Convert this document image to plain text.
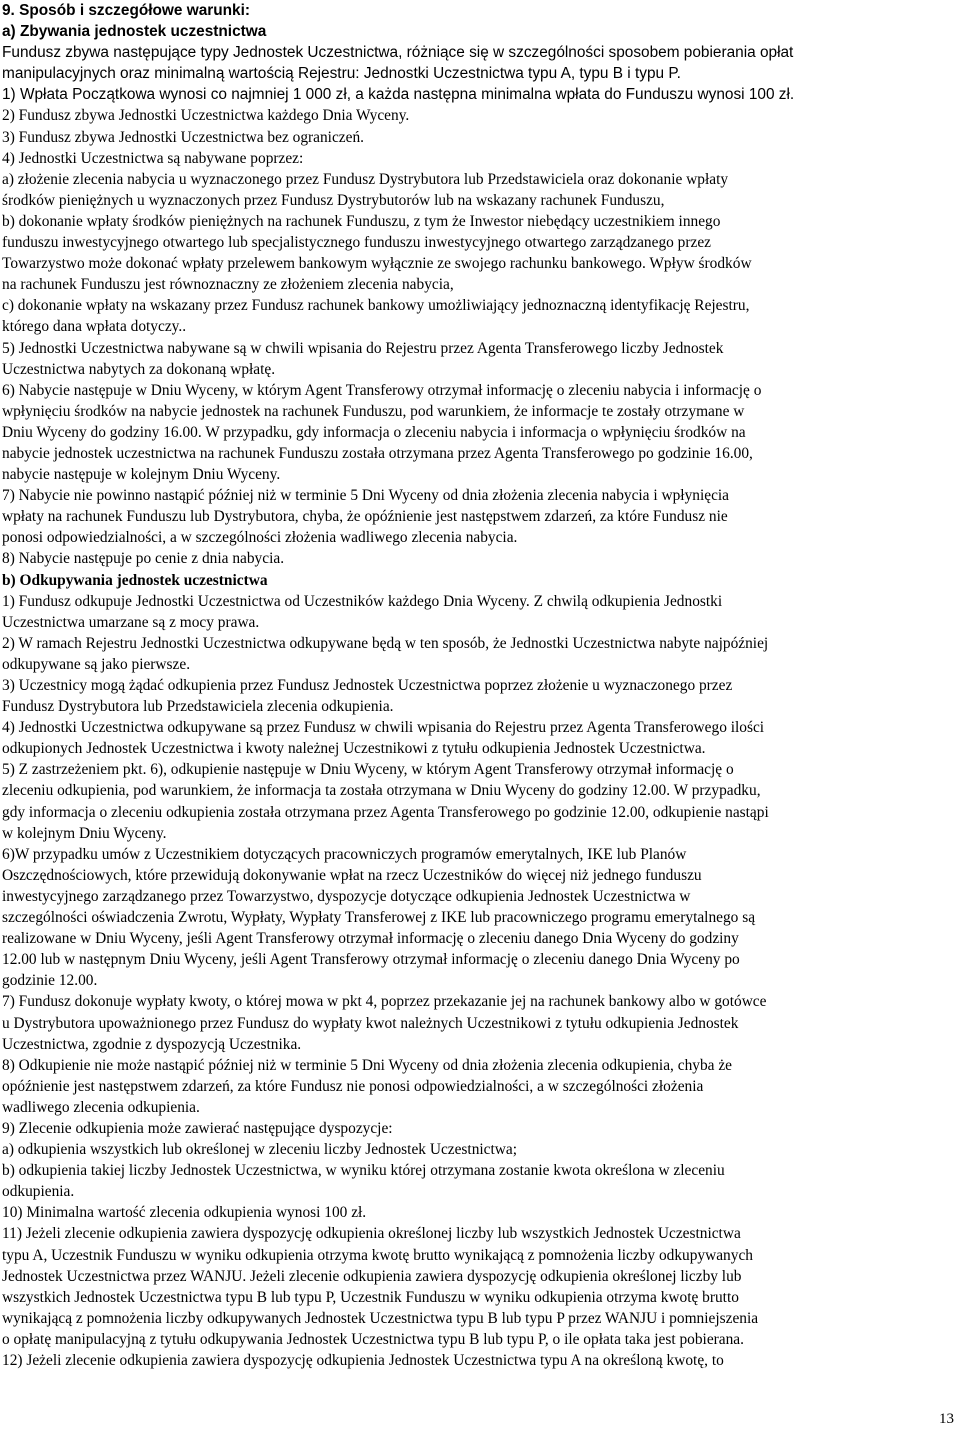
9. Sposób i szczegółowe warunki:
a) Zbywania jednostek uczestnictwa
Fundusz zbywa następujące typy Jednostek Uczestnictwa, różniące się w szczególności sposobem pobierania opłat
manipulacyjnych oraz minimalną wartością Rejestru: Jednostki Uczestnictwa typu A, typu B i typu P.
1) Wpłata Początkowa wynosi co najmniej 1 000 zł, a każda następna minimalna wpłata do Funduszu wynosi 100 zł.
2) Fundusz zbywa Jednostki Uczestnictwa każdego Dnia Wyceny.
3) Fundusz zbywa Jednostki Uczestnictwa bez ograniczeń.
4) Jednostki Uczestnictwa są nabywane poprzez:
a) złożenie zlecenia nabycia u wyznaczonego przez Fundusz Dystrybutora lub Przedstawiciela oraz dokonanie wpłaty
środków pieniężnych u wyznaczonych przez Fundusz Dystrybutorów lub na wskazany rachunek Funduszu,
b) dokonanie wpłaty środków pieniężnych na rachunek Funduszu, z tym że Inwestor niebędący uczestnikiem innego
funduszu inwestycyjnego otwartego lub specjalistycznego funduszu inwestycyjnego otwartego zarządzanego przez
Towarzystwo może dokonać wpłaty przelewem bankowym wyłącznie ze swojego rachunku bankowego. Wpływ środków
na rachunek Funduszu jest równoznaczny ze złożeniem zlecenia nabycia,
c) dokonanie wpłaty na wskazany przez Fundusz rachunek bankowy umożliwiający jednoznaczną identyfikację Rejestru,
którego dana wpłata dotyczy..
5) Jednostki Uczestnictwa nabywane są w chwili wpisania do Rejestru przez Agenta Transferowego liczby Jednostek
Uczestnictwa nabytych za dokonaną wpłatę.
6) Nabycie następuje w Dniu Wyceny, w którym Agent Transferowy otrzymał informację o zleceniu nabycia i informację o
wpłynięciu środków na nabycie jednostek na rachunek Funduszu, pod warunkiem, że informacje te zostały otrzymane w
Dniu Wyceny do godziny 16.00. W przypadku, gdy informacja o zleceniu nabycia i informacja o wpłynięciu środków na
nabycie jednostek uczestnictwa na rachunek Funduszu została otrzymana przez Agenta Transferowego po godzinie 16.00,
nabycie następuje w kolejnym Dniu Wyceny.
7) Nabycie nie powinno nastąpić później niż w terminie 5 Dni Wyceny od dnia złożenia zlecenia nabycia i wpłynięcia
wpłaty na rachunek Funduszu lub Dystrybutora, chyba, że opóźnienie jest następstwem zdarzeń, za które Fundusz nie
ponosi odpowiedzialności, a w szczególności złożenia wadliwego zlecenia nabycia.
8) Nabycie następuje po cenie z dnia nabycia.
b) Odkupywania jednostek uczestnictwa
1) Fundusz odkupuje Jednostki Uczestnictwa od Uczestników każdego Dnia Wyceny. Z chwilą odkupienia Jednostki
Uczestnictwa umarzane są z mocy prawa.
2) W ramach Rejestru Jednostki Uczestnictwa odkupywane będą w ten sposób, że Jednostki Uczestnictwa nabyte najpóźniej
odkupywane są jako pierwsze.
3) Uczestnicy mogą żądać odkupienia przez Fundusz Jednostek Uczestnictwa poprzez złożenie u wyznaczonego przez
Fundusz Dystrybutora lub Przedstawiciela zlecenia odkupienia.
4) Jednostki Uczestnictwa odkupywane są przez Fundusz w chwili wpisania do Rejestru przez Agenta Transferowego ilości
odkupionych Jednostek Uczestnictwa i kwoty należnej Uczestnikowi z tytułu odkupienia Jednostek Uczestnictwa.
5) Z zastrzeżeniem pkt. 6), odkupienie następuje w Dniu Wyceny, w którym Agent Transferowy otrzymał informację o
zleceniu odkupienia, pod warunkiem, że informacja ta została otrzymana w Dniu Wyceny do godziny 12.00. W przypadku,
gdy informacja o zleceniu odkupienia została otrzymana przez Agenta Transferowego po godzinie 12.00, odkupienie nastąpi
w kolejnym Dniu Wyceny.
6)W przypadku umów z Uczestnikiem dotyczących pracowniczych programów emerytalnych, IKE lub Planów
Oszczędnościowych, które przewidują dokonywanie wpłat na rzecz Uczestników do więcej niż jednego funduszu
inwestycyjnego zarządzanego przez Towarzystwo, dyspozycje dotyczące odkupienia Jednostek Uczestnictwa w
szczególności oświadczenia Zwrotu, Wypłaty, Wypłaty Transferowej z IKE lub pracowniczego programu emerytalnego są
realizowane w Dniu Wyceny, jeśli Agent Transferowy otrzymał informację o zleceniu danego Dnia Wyceny do godziny
12.00 lub w następnym Dniu Wyceny, jeśli Agent Transferowy otrzymał informację o zleceniu danego Dnia Wyceny po
godzinie 12.00.
7) Fundusz dokonuje wypłaty kwoty, o której mowa w pkt 4, poprzez przekazanie jej na rachunek bankowy albo w gotówce
u Dystrybutora upoważnionego przez Fundusz do wypłaty kwot należnych Uczestnikowi z tytułu odkupienia Jednostek
Uczestnictwa, zgodnie z dyspozycją Uczestnika.
8) Odkupienie nie może nastąpić później niż w terminie 5 Dni Wyceny od dnia złożenia zlecenia odkupienia, chyba że
opóźnienie jest następstwem zdarzeń, za które Fundusz nie ponosi odpowiedzialności, a w szczególności złożenia
wadliwego zlecenia odkupienia.
9) Zlecenie odkupienia może zawierać następujące dyspozycje:
a) odkupienia wszystkich lub określonej w zleceniu liczby Jednostek Uczestnictwa;
b) odkupienia takiej liczby Jednostek Uczestnictwa, w wyniku której otrzymana zostanie kwota określona w zleceniu
odkupienia.
10) Minimalna wartość zlecenia odkupienia wynosi 100 zł.
11) Jeżeli zlecenie odkupienia zawiera dyspozycję odkupienia określonej liczby lub wszystkich Jednostek Uczestnictwa
typu A, Uczestnik Funduszu w wyniku odkupienia otrzyma kwotę brutto wynikającą z pomnożenia liczby odkupywanych
Jednostek Uczestnictwa przez WANJU. Jeżeli zlecenie odkupienia zawiera dyspozycję odkupienia określonej liczby lub
wszystkich Jednostek Uczestnictwa typu B lub typu P, Uczestnik Funduszu w wyniku odkupienia otrzyma kwotę brutto
wynikającą z pomnożenia liczby odkupywanych Jednostek Uczestnictwa typu B lub typu P przez WANJU i pomniejszenia
o opłatę manipulacyjną z tytułu odkupywania Jednostek Uczestnictwa typu B lub typu P, o ile opłata taka jest pobierana.
12) Jeżeli zlecenie odkupienia zawiera dyspozycję odkupienia Jednostek Uczestnictwa typu A na określoną kwotę, to
13
